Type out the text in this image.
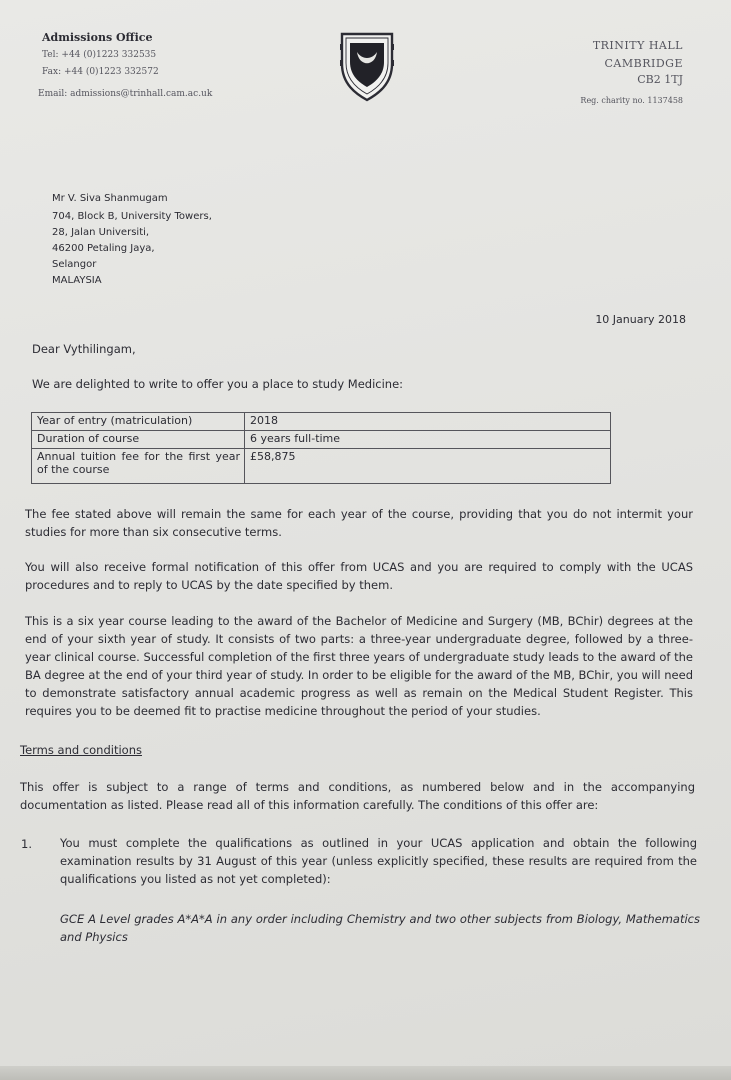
Admissions Office
Tel: +44 (0)1223 332535
Fax: +44 (0)1223 332572
Email: admissions@trinhall.cam.ac.uk
TRINITY HALL
CAMBRIDGE
CB2 1TJ
Reg. charity no. 1137458
Mr V. Siva Shanmugam
704, Block B, University Towers,
28, Jalan Universiti,
46200 Petaling Jaya,
Selangor
MALAYSIA
10 January 2018
Dear Vythilingam,
We are delighted to write to offer you a place to study Medicine:
Year of entry (matriculation)	2018
Duration of course	6 years full-time
Annual tuition fee for the first year of the course	£58,875

The fee stated above will remain the same for each year of the course, providing that you do not intermit your studies for more than six consecutive terms.

You will also receive formal notification of this offer from UCAS and you are required to comply with the UCAS procedures and to reply to UCAS by the date specified by them.

This is a six year course leading to the award of the Bachelor of Medicine and Surgery (MB, BChir) degrees at the end of your sixth year of study. It consists of two parts: a three-year undergraduate degree, followed by a three-year clinical course. Successful completion of the first three years of undergraduate study leads to the award of the BA degree at the end of your third year of study. In order to be eligible for the award of the MB, BChir, you will need to demonstrate satisfactory annual academic progress as well as remain on the Medical Student Register. This requires you to be deemed fit to practise medicine throughout the period of your studies.

Terms and conditions

This offer is subject to a range of terms and conditions, as numbered below and in the accompanying documentation as listed. Please read all of this information carefully. The conditions of this offer are:

1. You must complete the qualifications as outlined in your UCAS application and obtain the following examination results by 31 August of this year (unless explicitly specified, these results are required from the qualifications you listed as not yet completed):

GCE A Level grades A*A*A in any order including Chemistry and two other subjects from Biology, Mathematics and Physics
